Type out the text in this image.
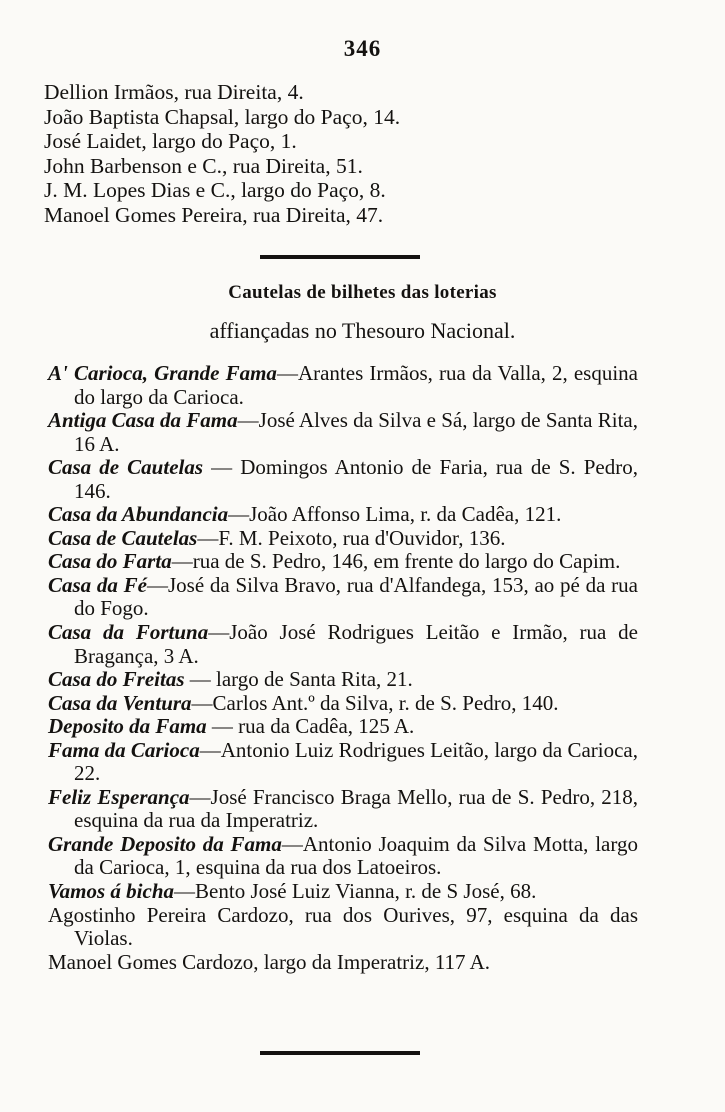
346
Dellion Irmãos, rua Direita, 4.
João Baptista Chapsal, largo do Paço, 14.
José Laidet, largo do Paço, 1.
John Barbenson e C., rua Direita, 51.
J. M. Lopes Dias e C., largo do Paço, 8.
Manoel Gomes Pereira, rua Direita, 47.
Cautelas de bilhetes das loterias
affiançadas no Thesouro Nacional.
A' Carioca, Grande Fama—Arantes Irmãos, rua da Valla, 2, esquina do largo da Carioca.
Antiga Casa da Fama—José Alves da Silva e Sá, largo de Santa Rita, 16 A.
Casa de Cautelas — Domingos Antonio de Faria, rua de S. Pedro, 146.
Casa da Abundancia—João Affonso Lima, r. da Cadêa, 121.
Casa de Cautelas—F. M. Peixoto, rua d'Ouvidor, 136.
Casa do Farta—rua de S. Pedro, 146, em frente do largo do Capim.
Casa da Fé—José da Silva Bravo, rua d'Alfandega, 153, ao pé da rua do Fogo.
Casa da Fortuna—João José Rodrigues Leitão e Irmão, rua de Bragança, 3 A.
Casa do Freitas — largo de Santa Rita, 21.
Casa da Ventura—Carlos Ant.º da Silva, r. de S. Pedro, 140.
Deposito da Fama — rua da Cadêa, 125 A.
Fama da Carioca—Antonio Luiz Rodrigues Leitão, largo da Carioca, 22.
Feliz Esperança—José Francisco Braga Mello, rua de S. Pedro, 218, esquina da rua da Imperatriz.
Grande Deposito da Fama—Antonio Joaquim da Silva Motta, largo da Carioca, 1, esquina da rua dos Latoeiros.
Vamos á bicha—Bento José Luiz Vianna, r. de S José, 68.
Agostinho Pereira Cardozo, rua dos Ourives, 97, esquina da das Violas.
Manoel Gomes Cardozo, largo da Imperatriz, 117 A.
